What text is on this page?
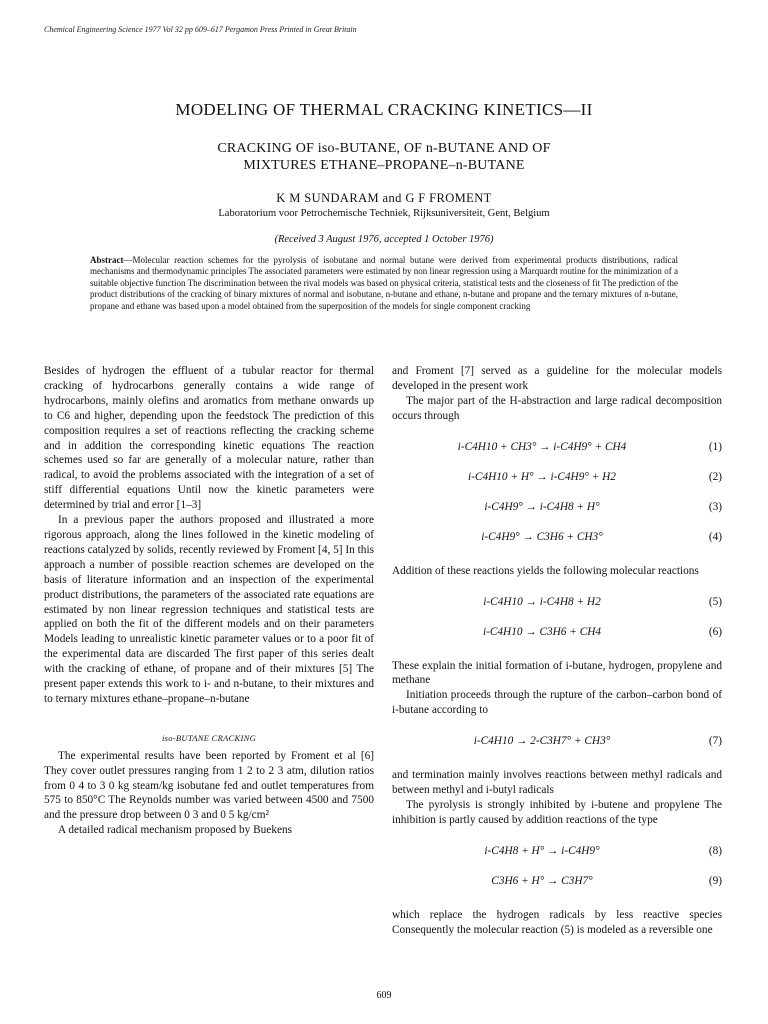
Chemical Engineering Science 1977 Vol 32 pp 609–617 Pergamon Press Printed in Great Britain
MODELING OF THERMAL CRACKING KINETICS—II
CRACKING OF iso-BUTANE, OF n-BUTANE AND OF
MIXTURES ETHANE–PROPANE–n-BUTANE
K M SUNDARAM and G F FROMENT
Laboratorium voor Petrochemische Techniek, Rijksuniversiteit, Gent, Belgium
(Received 3 August 1976, accepted 1 October 1976)
Abstract—Molecular reaction schemes for the pyrolysis of isobutane and normal butane were derived from experimental products distributions, radical mechanisms and thermodynamic principles The associated parameters were estimated by non linear regression using a Marquardt routine for the minimization of a suitable objective function The discrimination between the rival models was based on physical criteria, statistical tests and the closeness of fit The prediction of the product distributions of the cracking of binary mixtures of normal and isobutane, n-butane and ethane, n-butane and propane and the ternary mixtures of n-butane, propane and ethane was based upon a model obtained from the superposition of the models for single component cracking

Besides of hydrogen the effluent of a tubular reactor for thermal cracking of hydrocarbons generally contains a wide range of hydrocarbons, mainly olefins and aromatics from methane onwards up to C6 and higher, depending upon the feedstock The prediction of this composition requires a set of reactions reflecting the cracking scheme and in addition the corresponding kinetic equations The reaction schemes used so far are generally of a molecular nature, rather than radical, to avoid the problems associated with the integration of a set of stiff differential equations Until now the kinetic parameters were determined by trial and error [1–3]

In a previous paper the authors proposed and illustrated a more rigorous approach, along the lines followed in the kinetic modeling of reactions catalyzed by solids, recently reviewed by Froment [4, 5] In this approach a number of possible reaction schemes are developed on the basis of literature information and an inspection of the experimental product distributions, the parameters of the associated rate equations are estimated by non linear regression techniques and statistical tests are applied on both the fit of the different models and on their parameters Models leading to unrealistic kinetic parameter values or to a poor fit of the experimental data are discarded The first paper of this series dealt with the cracking of ethane, of propane and of their mixtures [5] The present paper extends this work to i- and n-butane, to their mixtures and to ternary mixtures ethane–propane–n-butane

iso-BUTANE CRACKING

The experimental results have been reported by Froment et al [6] They cover outlet pressures ranging from 1 2 to 2 3 atm, dilution ratios from 0 4 to 3 0 kg steam/kg isobutane fed and outlet temperatures from 575 to 850°C The Reynolds number was varied between 4500 and 7500 and the pressure drop between 0 3 and 0 5 kg/cm²

A detailed radical mechanism proposed by Buekens

and Froment [7] served as a guideline for the molecular models developed in the present work

The major part of the H-abstraction and large radical decomposition occurs through

i-C4H10 + CH3° → i-C4H9° + CH4	(1)
i-C4H10 + H° → i-C4H9° + H2	(2)
i-C4H9° → i-C4H8 + H°	(3)
i-C4H9° → C3H6 + CH3°	(4)

Addition of these reactions yields the following molecular reactions

i-C4H10 → i-C4H8 + H2	(5)
i-C4H10 → C3H6 + CH4	(6)

These explain the initial formation of i-butane, hydrogen, propylene and methane

Initiation proceeds through the rupture of the carbon–carbon bond of i-butane according to

i-C4H10 → 2-C3H7° + CH3°	(7)

and termination mainly involves reactions between methyl radicals and between methyl and i-butyl radicals

The pyrolysis is strongly inhibited by i-butene and propylene The inhibition is partly caused by addition reactions of the type

i-C4H8 + H° → i-C4H9°	(8)
C3H6 + H° → C3H7°	(9)

which replace the hydrogen radicals by less reactive species Consequently the molecular reaction (5) is modeled as a reversible one

609
